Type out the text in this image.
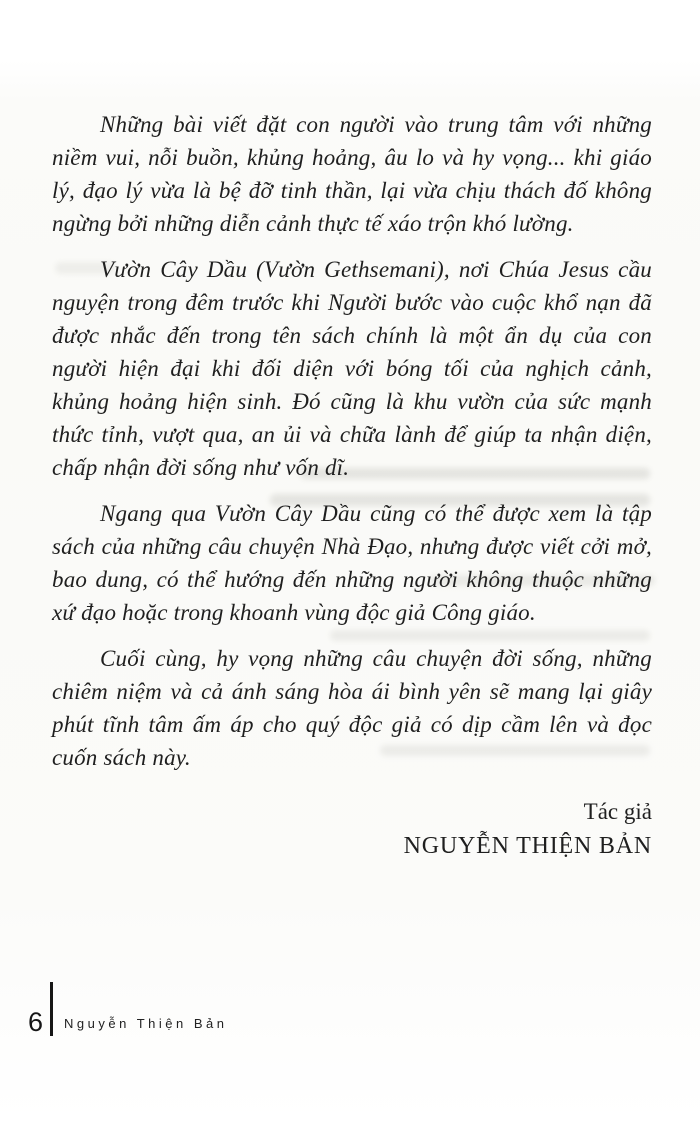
Những bài viết đặt con người vào trung tâm với những niềm vui, nỗi buồn, khủng hoảng, âu lo và hy vọng... khi giáo lý, đạo lý vừa là bệ đỡ tinh thần, lại vừa chịu thách đố không ngừng bởi những diễn cảnh thực tế xáo trộn khó lường.

Vườn Cây Dầu (Vườn Gethsemani), nơi Chúa Jesus cầu nguyện trong đêm trước khi Người bước vào cuộc khổ nạn đã được nhắc đến trong tên sách chính là một ẩn dụ của con người hiện đại khi đối diện với bóng tối của nghịch cảnh, khủng hoảng hiện sinh. Đó cũng là khu vườn của sức mạnh thức tỉnh, vượt qua, an ủi và chữa lành để giúp ta nhận diện, chấp nhận đời sống như vốn dĩ.

Ngang qua Vườn Cây Dầu cũng có thể được xem là tập sách của những câu chuyện Nhà Đạo, nhưng được viết cởi mở, bao dung, có thể hướng đến những người không thuộc những xứ đạo hoặc trong khoanh vùng độc giả Công giáo.

Cuối cùng, hy vọng những câu chuyện đời sống, những chiêm niệm và cả ánh sáng hòa ái bình yên sẽ mang lại giây phút tĩnh tâm ấm áp cho quý độc giả có dịp cầm lên và đọc cuốn sách này.

Tác giả
NGUYỄN THIỆN BẢN
6 Nguyễn Thiện Bản
